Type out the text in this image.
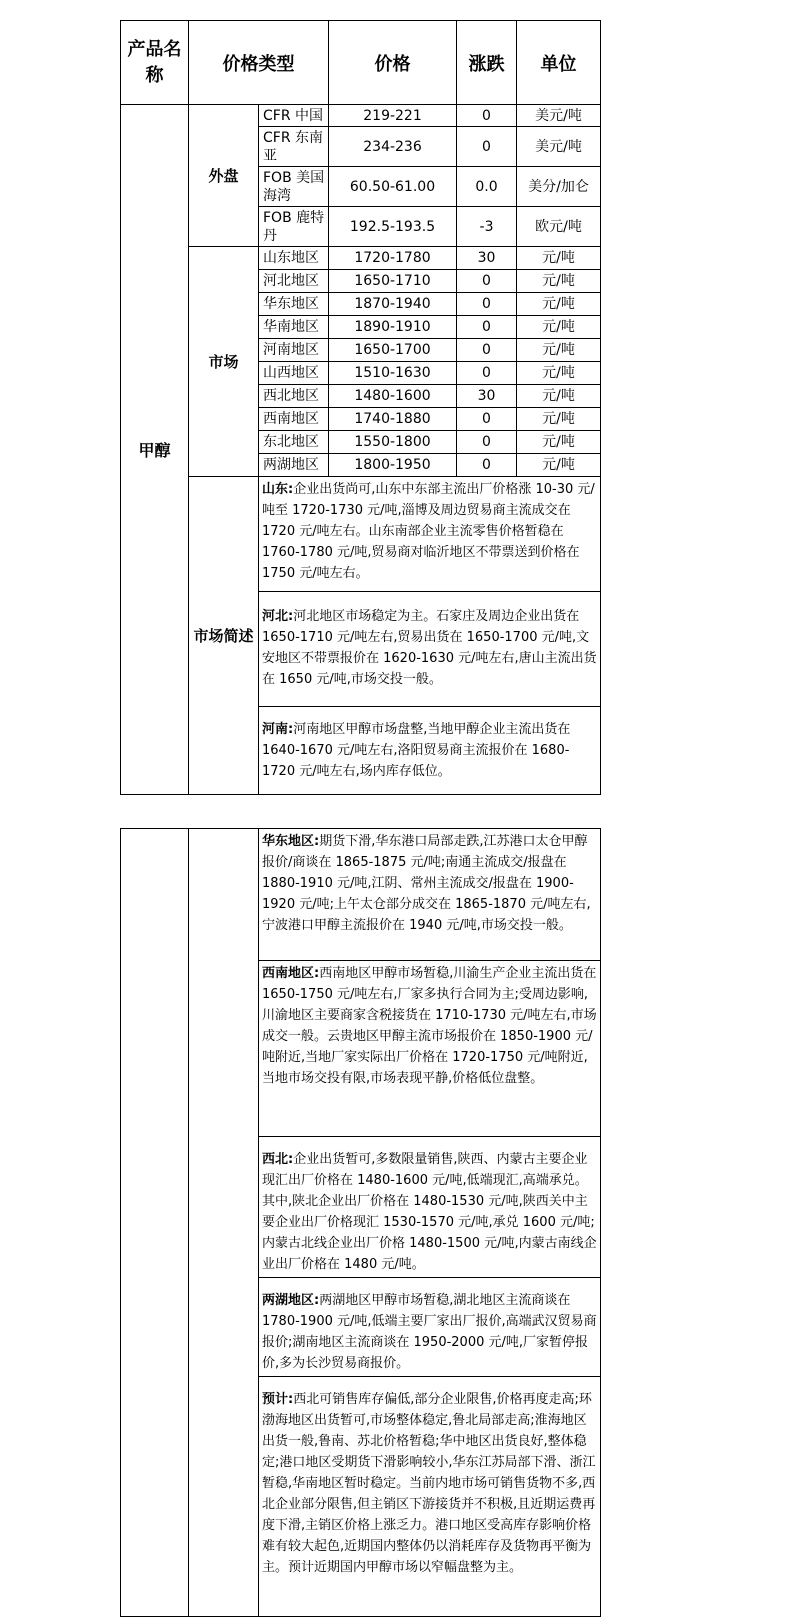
产品名称	价格类型		价格	涨跌	单位
甲醇	外盘	CFR 中国	219-221	0	美元/吨
		CFR 东南亚	234-236	0	美元/吨
		FOB 美国海湾	60.50-61.00	0.0	美分/加仑
		FOB 鹿特丹	192.5-193.5	-3	欧元/吨
	市场	山东地区	1720-1780	30	元/吨
		河北地区	1650-1710	0	元/吨
		华东地区	1870-1940	0	元/吨
		华南地区	1890-1910	0	元/吨
		河南地区	1650-1700	0	元/吨
		山西地区	1510-1630	0	元/吨
		西北地区	1480-1600	30	元/吨
		西南地区	1740-1880	0	元/吨
		东北地区	1550-1800	0	元/吨
		两湖地区	1800-1950	0	元/吨
	市场简述	山东:企业出货尚可,山东中东部主流出厂价格涨 10-30 元/吨至 1720-1730 元/吨,淄博及周边贸易商主流成交在 1720 元/吨左右。山东南部企业主流零售价格暂稳在 1760-1780 元/吨,贸易商对临沂地区不带票送到价格在 1750 元/吨左右。			
		河北:河北地区市场稳定为主。石家庄及周边企业出货在 1650-1710 元/吨左右,贸易出货在 1650-1700 元/吨,文安地区不带票报价在 1620-1630 元/吨左右,唐山主流出货在 1650 元/吨,市场交投一般。			
		河南:河南地区甲醇市场盘整,当地甲醇企业主流出货在 1640-1670 元/吨左右,洛阳贸易商主流报价在 1680-1720 元/吨左右,场内库存低位。			
		华东地区:期货下滑,华东港口局部走跌,江苏港口太仓甲醇报价/商谈在 1865-1875 元/吨;南通主流成交/报盘在 1880-1910 元/吨,江阴、常州主流成交/报盘在 1900-1920 元/吨;上午太仓部分成交在 1865-1870 元/吨左右,宁波港口甲醇主流报价在 1940 元/吨,市场交投一般。
西南地区:西南地区甲醇市场暂稳,川渝生产企业主流出货在 1650-1750 元/吨左右,厂家多执行合同为主;受周边影响,川渝地区主要商家含税接货在 1710-1730 元/吨左右,市场成交一般。云贵地区甲醇主流市场报价在 1850-1900 元/吨附近,当地厂家实际出厂价格在 1720-1750 元/吨附近,当地市场交投有限,市场表现平静,价格低位盘整。
西北:企业出货暂可,多数限量销售,陕西、内蒙古主要企业现汇出厂价格在 1480-1600 元/吨,低端现汇,高端承兑。其中,陕北企业出厂价格在 1480-1530 元/吨,陕西关中主要企业出厂价格现汇 1530-1570 元/吨,承兑 1600 元/吨;内蒙古北线企业出厂价格 1480-1500 元/吨,内蒙古南线企业出厂价格在 1480 元/吨。
两湖地区:两湖地区甲醇市场暂稳,湖北地区主流商谈在 1780-1900 元/吨,低端主要厂家出厂报价,高端武汉贸易商报价;湖南地区主流商谈在 1950-2000 元/吨,厂家暂停报价,多为长沙贸易商报价。
预计:西北可销售库存偏低,部分企业限售,价格再度走高;环渤海地区出货暂可,市场整体稳定,鲁北局部走高;淮海地区出货一般,鲁南、苏北价格暂稳;华中地区出货良好,整体稳定;港口地区受期货下滑影响较小,华东江苏局部下滑、浙江暂稳,华南地区暂时稳定。当前内地市场可销售货物不多,西北企业部分限售,但主销区下游接货并不积极,且近期运费再度下滑,主销区价格上涨乏力。港口地区受高库存影响价格难有较大起色,近期国内整体仍以消耗库存及货物再平衡为主。预计近期国内甲醇市场以窄幅盘整为主。
